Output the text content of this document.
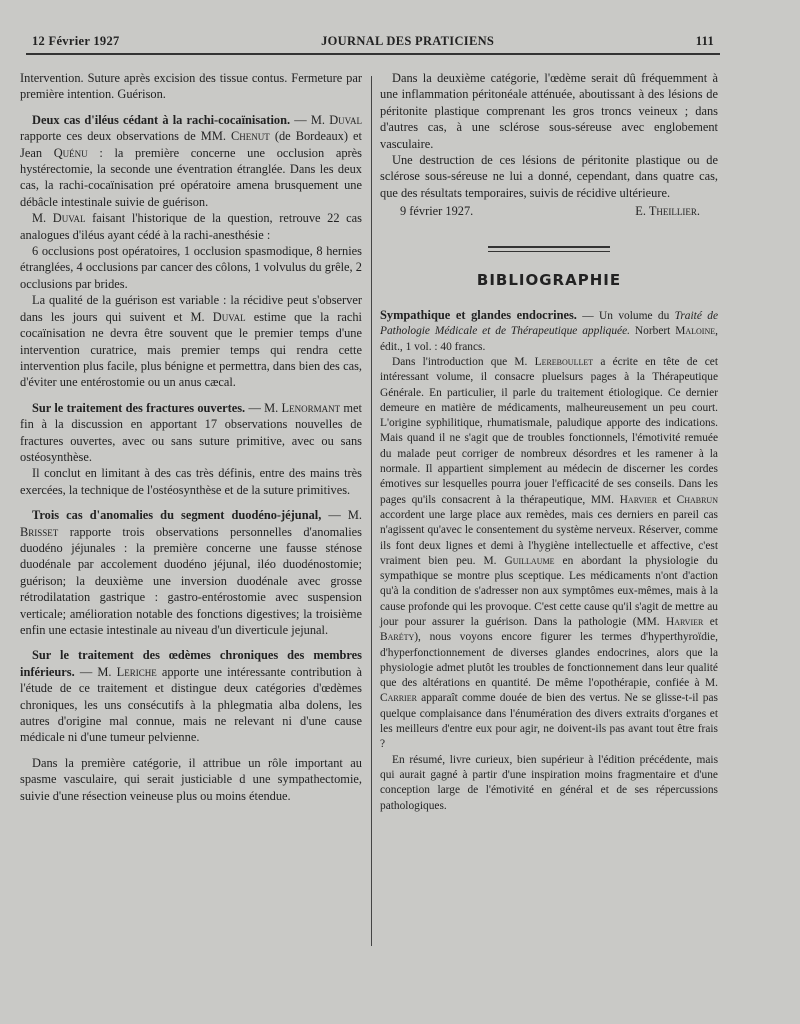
12 Février 1927	JOURNAL DES PRATICIENS	111

Intervention. Suture après excision des tissue contus. Fermeture par première intention. Guérison.

Deux cas d'iléus cédant à la rachi-cocaïnisation. — M. Duval rapporte ces deux observations de MM. Chenut (de Bordeaux) et Jean Quénu : la première concerne une occlusion après hystérectomie, la seconde une éventration étranglée. Dans les deux cas, la rachi-cocaïnisation pré opératoire amena brusquement une débâcle intestinale suivie de guérison.

M. Duval faisant l'historique de la question, retrouve 22 cas analogues d'iléus ayant cédé à la rachi-anesthésie :

6 occlusions post opératoires, 1 occlusion spasmodique, 8 hernies étranglées, 4 occlusions par cancer des côlons, 1 volvulus du grêle, 2 occlusions par brides.

La qualité de la guérison est variable : la récidive peut s'observer dans les jours qui suivent et M. Duval estime que la rachi cocaïnisation ne devra être souvent que le premier temps d'une intervention curatrice, mais premier temps qui rendra cette intervention plus facile, plus bénigne et permettra, dans bien des cas, d'éviter une entérostomie ou un anus cæcal.

Sur le traitement des fractures ouvertes. — M. Lenormant met fin à la discussion en apportant 17 observations nouvelles de fractures ouvertes, avec ou sans suture primitive, avec ou sans ostéosynthèse.

Il conclut en limitant à des cas très définis, entre des mains très exercées, la technique de l'ostéosynthèse et de la suture primitives.

Trois cas d'anomalies du segment duodéno-jéjunal, — M. Brisset rapporte trois observations personnelles d'anomalies duodéno jéjunales : la première concerne une fausse sténose duodénale par accolement duodéno jéjunal, iléo duodénostomie; guérison; la deuxième une inversion duodénale avec grosse rétrodilatation gastrique : gastro-entérostomie avec suspension verticale; amélioration notable des fonctions digestives; la troisième enfin une ectasie intestinale au niveau d'un diverticule jejunal.

Sur le traitement des œdèmes chroniques des membres inférieurs. — M. Leriche apporte une intéressante contribution à l'étude de ce traitement et distingue deux catégories d'œdèmes chroniques, les uns consécutifs à la phlegmatia alba dolens, les autres d'origine mal connue, mais ne relevant ni d'une cause médicale ni d'une tumeur pelvienne.

Dans la première catégorie, il attribue un rôle important au spasme vasculaire, qui serait justiciable d une sympathectomie, suivie d'une résection veineuse plus ou moins étendue.

Dans la deuxième catégorie, l'œdème serait dû fréquemment à une inflammation péritonéale atténuée, aboutissant à des lésions de péritonite plastique comprenant les gros troncs veineux ; dans d'autres cas, à une sclérose sous-séreuse avec englobement vasculaire.

Une destruction de ces lésions de péritonite plastique ou de sclérose sous-séreuse ne lui a donné, cependant, dans quatre cas, que des résultats temporaires, suivis de récidive ultérieure.

9 février 1927.	E. Theillier.
BIBLIOGRAPHIE

Sympathique et glandes endocrines. — Un volume du Traité de Pathologie Médicale et de Thérapeutique appliquée. Norbert Maloine, édit., 1 vol. : 40 francs.

Dans l'introduction que M. Lereboullet a écrite en tête de cet intéressant volume, il consacre pluelsurs pages à la Thérapeutique Générale. En particulier, il parle du traitement étiologique. Ce dernier demeure en matière de médicaments, malheureusement un peu court. L'origine syphilitique, rhumatismale, paludique apporte des indications. Mais quand il ne s'agit que de troubles fonctionnels, l'émotivité remuée du malade peut corriger de nombreux désordres et les ramener à la normale. Il appartient simplement au médecin de discerner les cordes émotives sur lesquelles pourra jouer l'efficacité de ses conseils. Dans les pages qu'ils consacrent à la thérapeutique, MM. Harvier et Chabrun accordent une large place aux remèdes, mais ces derniers en pareil cas n'agissent qu'avec le consentement du système nerveux. Réserver, comme ils font deux lignes et demi à l'hygiène intellectuelle et affective, c'est vraiment bien peu. M. Guillaume en abordant la physiologie du sympathique se montre plus sceptique. Les médicaments n'ont d'action qu'à la condition de s'adresser non aux symptômes eux-mêmes, mais à la cause profonde qui les provoque. C'est cette cause qu'il s'agit de mettre au jour pour assurer la guérison. Dans la pathologie (MM. Harvier et Baréty), nous voyons encore figurer les termes d'hyperthyroïdie, d'hyperfonctionnement de diverses glandes endocrines, alors que la physiologie admet plutôt les troubles de fonctionnement dans leur qualité que des altérations en quantité. De même l'opothérapie, confiée à M. Carrier apparaît comme douée de bien des vertus. Ne se glisse-t-il pas quelque complaisance dans l'énumération des divers extraits d'organes et les meilleurs d'entre eux pour agir, ne doivent-ils pas avant tout être frais ?

En résumé, livre curieux, bien supérieur à l'édition précédente, mais qui aurait gagné à partir d'une inspiration moins fragmentaire et d'une conception large de l'émotivité en général et de ses répercussions pathologiques.
